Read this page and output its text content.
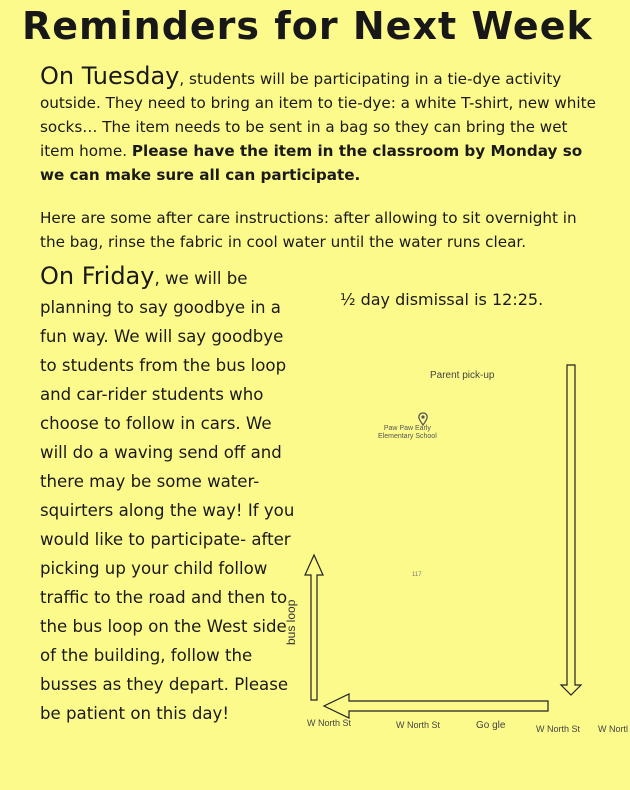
Reminders for Next Week
On Tuesday, students will be participating in a tie-dye activity outside. They need to bring an item to tie-dye: a white T-shirt, new white socks… The item needs to be sent in a bag so they can bring the wet item home. Please have the item in the classroom by Monday so we can make sure all can participate.
Here are some after care instructions: after allowing to sit overnight in the bag, rinse the fabric in cool water until the water runs clear.
On Friday, we will be planning to say goodbye in a fun way. We will say goodbye to students from the bus loop and car-rider students who choose to follow in cars. We will do a waving send off and there may be some water-squirters along the way! If you would like to participate- after picking up your child follow traffic to the road and then to the bus loop on the West side of the building, follow the busses as they depart. Please be patient on this day!
½ day dismissal is 12:25.
Parent pick-up
Paw Paw Early
Elementary School
117
bus loop
W North St	W North St	Go gle	W North St W Nortl
